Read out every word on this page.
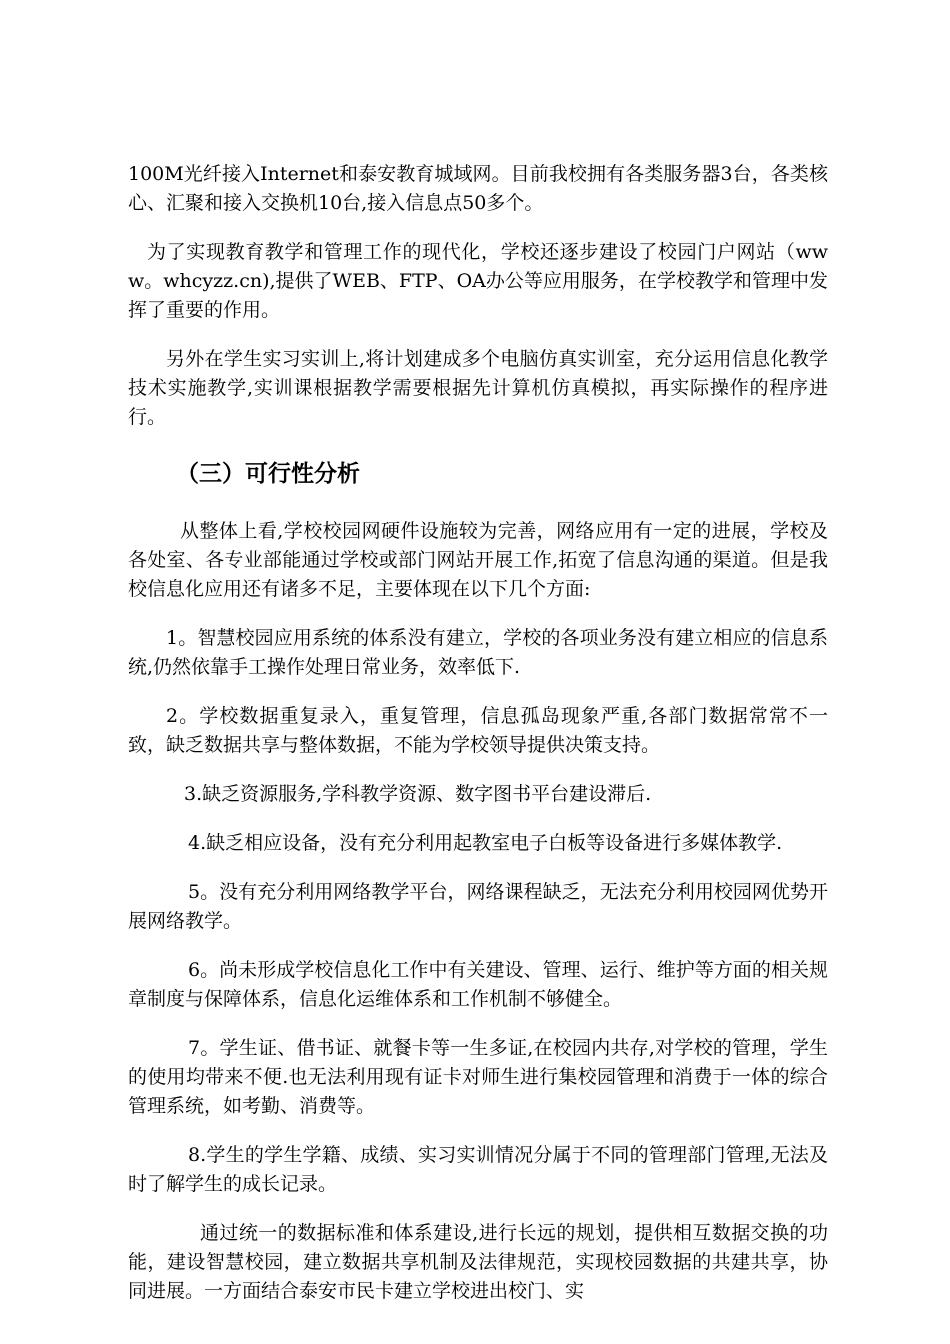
100M光纤接入Internet和泰安教育城域网。目前我校拥有各类服务器3台，各类核心、汇聚和接入交换机10台,接入信息点50多个。

为了实现教育教学和管理工作的现代化，学校还逐步建设了校园门户网站（www。whcyzz.cn),提供了WEB、FTP、OA办公等应用服务，在学校教学和管理中发挥了重要的作用。

另外在学生实习实训上,将计划建成多个电脑仿真实训室，充分运用信息化教学技术实施教学,实训课根据教学需要根据先计算机仿真模拟，再实际操作的程序进行。

（三）可行性分析

从整体上看,学校校园网硬件设施较为完善，网络应用有一定的进展，学校及各处室、各专业部能通过学校或部门网站开展工作,拓宽了信息沟通的渠道。但是我校信息化应用还有诸多不足，主要体现在以下几个方面:

1。智慧校园应用系统的体系没有建立，学校的各项业务没有建立相应的信息系统,仍然依靠手工操作处理日常业务，效率低下.

2。学校数据重复录入，重复管理，信息孤岛现象严重,各部门数据常常不一致，缺乏数据共享与整体数据，不能为学校领导提供决策支持。

3.缺乏资源服务,学科教学资源、数字图书平台建设滞后.

4.缺乏相应设备，没有充分利用起教室电子白板等设备进行多媒体教学.

5。没有充分利用网络教学平台，网络课程缺乏，无法充分利用校园网优势开展网络教学。

6。尚未形成学校信息化工作中有关建设、管理、运行、维护等方面的相关规章制度与保障体系，信息化运维体系和工作机制不够健全。

7。学生证、借书证、就餐卡等一生多证,在校园内共存,对学校的管理，学生的使用均带来不便.也无法利用现有证卡对师生进行集校园管理和消费于一体的综合管理系统，如考勤、消费等。

8.学生的学生学籍、成绩、实习实训情况分属于不同的管理部门管理,无法及时了解学生的成长记录。

通过统一的数据标准和体系建设,进行长远的规划，提供相互数据交换的功能，建设智慧校园，建立数据共享机制及法律规范，实现校园数据的共建共享，协同进展。一方面结合泰安市民卡建立学校进出校门、实
